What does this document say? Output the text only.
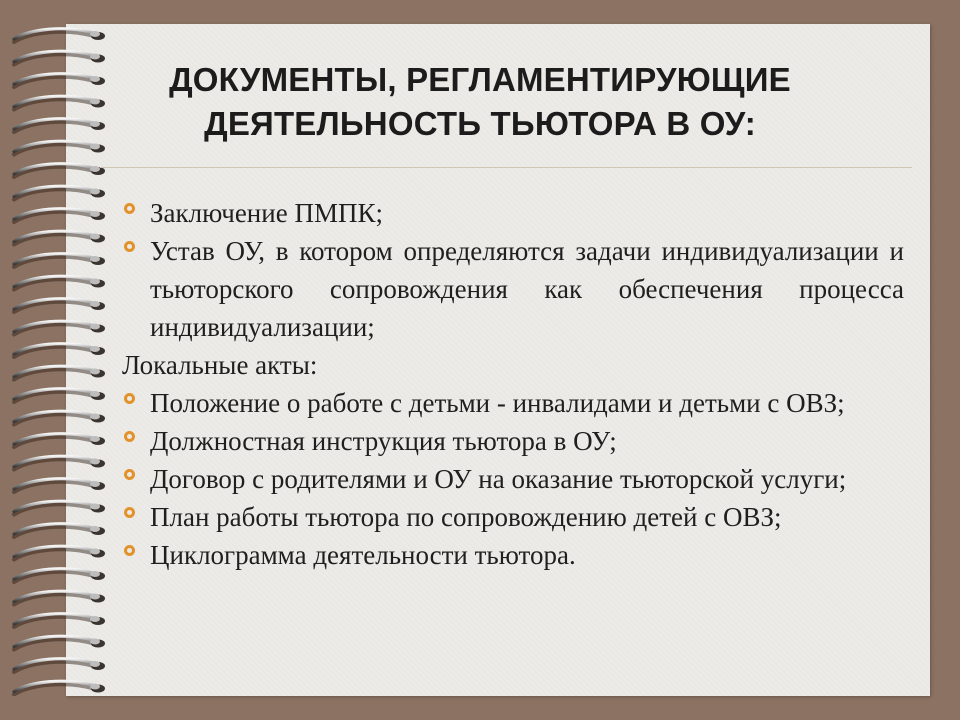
ДОКУМЕНТЫ, РЕГЛАМЕНТИРУЮЩИЕ
ДЕЯТЕЛЬНОСТЬ ТЬЮТОРА В ОУ:
Заключение ПМПК;
Устав ОУ, в котором определяются задачи индивидуализации и тьюторского сопровождения как обеспечения процесса индивидуализации;
Локальные акты:
Положение о работе с детьми - инвалидами и детьми с ОВЗ;
Должностная инструкция тьютора в ОУ;
Договор с родителями и ОУ на оказание тьюторской услуги;
План работы тьютора по сопровождению детей с ОВЗ;
Циклограмма деятельности тьютора.
